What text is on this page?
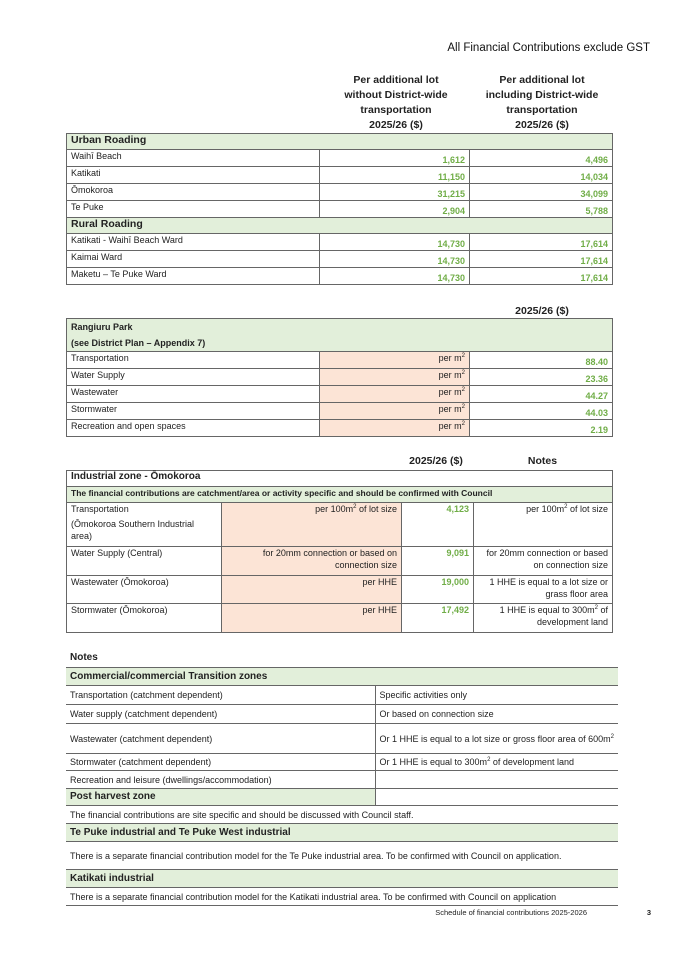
All Financial Contributions exclude GST
Per additional lot
without District-wide
transportation
2025/26 ($)
Per additional lot
including District-wide
transportation
2025/26 ($)
Urban Roading		
Waihī Beach	1,612	4,496
Katikati	11,150	14,034
Ōmokoroa	31,215	34,099
Te Puke	2,904	5,788
Rural Roading		
Katikati - Waihī Beach Ward	14,730	17,614
Kaimai Ward	14,730	17,614
Maketu – Te Puke Ward	14,730	17,614
2025/26 ($)
Rangiuru Park
(see District Plan – Appendix 7)		

Transportation	per $m^2$	88.40
Water Supply	per $m^2$	23.36
Wastewater	per $m^2$	44.27
Stormwater	per $m^2$	44.03
Recreation and open spaces	per $m^2$	2.19
2025/26 ($)	Notes
Industrial zone - Ōmokoroa			
The financial contributions are catchment/area or activity specific and should be confirmed with Council			

Transportation
(Ōmokoroa Southern Industrial area)	per $100m^2$ of lot size	4,123	per $100m^2$ of lot size
Water Supply (Central)	for 20mm connection or based on connection size	9,091	for 20mm connection or based on connection size
Wastewater (Ōmokoroa)	per HHE	19,000	1 HHE is equal to a lot size or grass floor area
Stormwater (Ōmokoroa)	per HHE	17,492	1 HHE is equal to $300m^2$ of development land
Notes
Commercial/commercial Transition zones	
Transportation (catchment dependent)	Specific activities only
Water supply (catchment dependent)	Or based on connection size
Wastewater (catchment dependent)	Or 1 HHE is equal to a lot size or gross floor area of $600m^2$
Stormwater (catchment dependent)	Or 1 HHE is equal to $300m^2$ of development land
Recreation and leisure (dwellings/accommodation)	
Post harvest zone	
The financial contributions are site specific and should be discussed with Council staff.	
Te Puke industrial and Te Puke West industrial	
There is a separate financial contribution model for the Te Puke industrial area. To be confirmed with Council on application.	
Katikati industrial	
There is a separate financial contribution model for the Katikati industrial area. To be confirmed with Council on application	
Schedule of financial contributions 2025-2026	3
